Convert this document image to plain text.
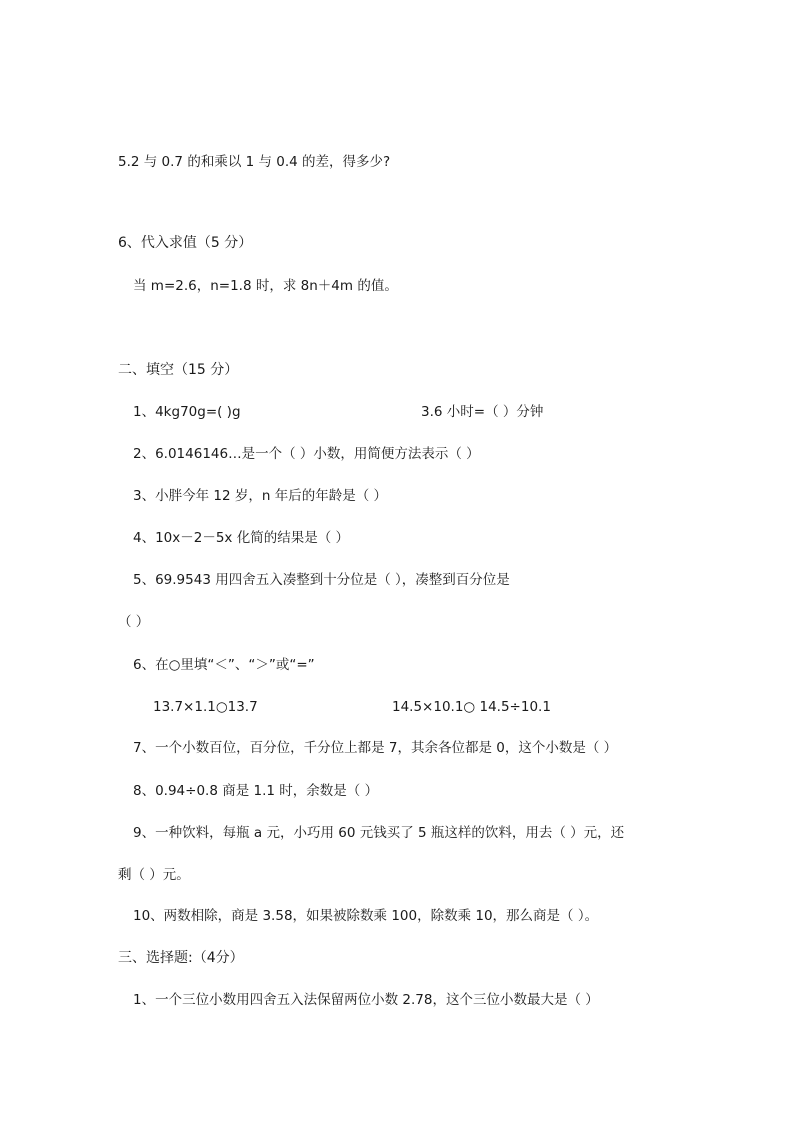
5.2 与 0.7 的和乘以 1 与 0.4 的差，得多少?
6、代入求值（5 分）
当 m=2.6，n=1.8 时，求 8n＋4m 的值。
二、填空（15 分）
1、4kg70g=( )g	3.6 小时=（ ）分钟
2、6.0146146…是一个（ ）小数，用简便方法表示（ ）
3、小胖今年 12 岁，n 年后的年龄是（ ）
4、10x－2－5x 化简的结果是（ ）
5、69.9543 用四舍五入凑整到十分位是（ ），凑整到百分位是
（ ）
6、在○里填“＜”、“＞”或“=”
13.7×1.1○13.7	14.5×10.1○ 14.5÷10.1
7、一个小数百位，百分位，千分位上都是 7，其余各位都是 0，这个小数是（ ）
8、0.94÷0.8 商是 1.1 时，余数是（ ）
9、一种饮料，每瓶 a 元，小巧用 60 元钱买了 5 瓶这样的饮料，用去（ ）元，还
剩（ ）元。
10、两数相除，商是 3.58，如果被除数乘 100，除数乘 10，那么商是（ ）。
三、选择题:（4分）
1、一个三位小数用四舍五入法保留两位小数 2.78，这个三位小数最大是（ ）
